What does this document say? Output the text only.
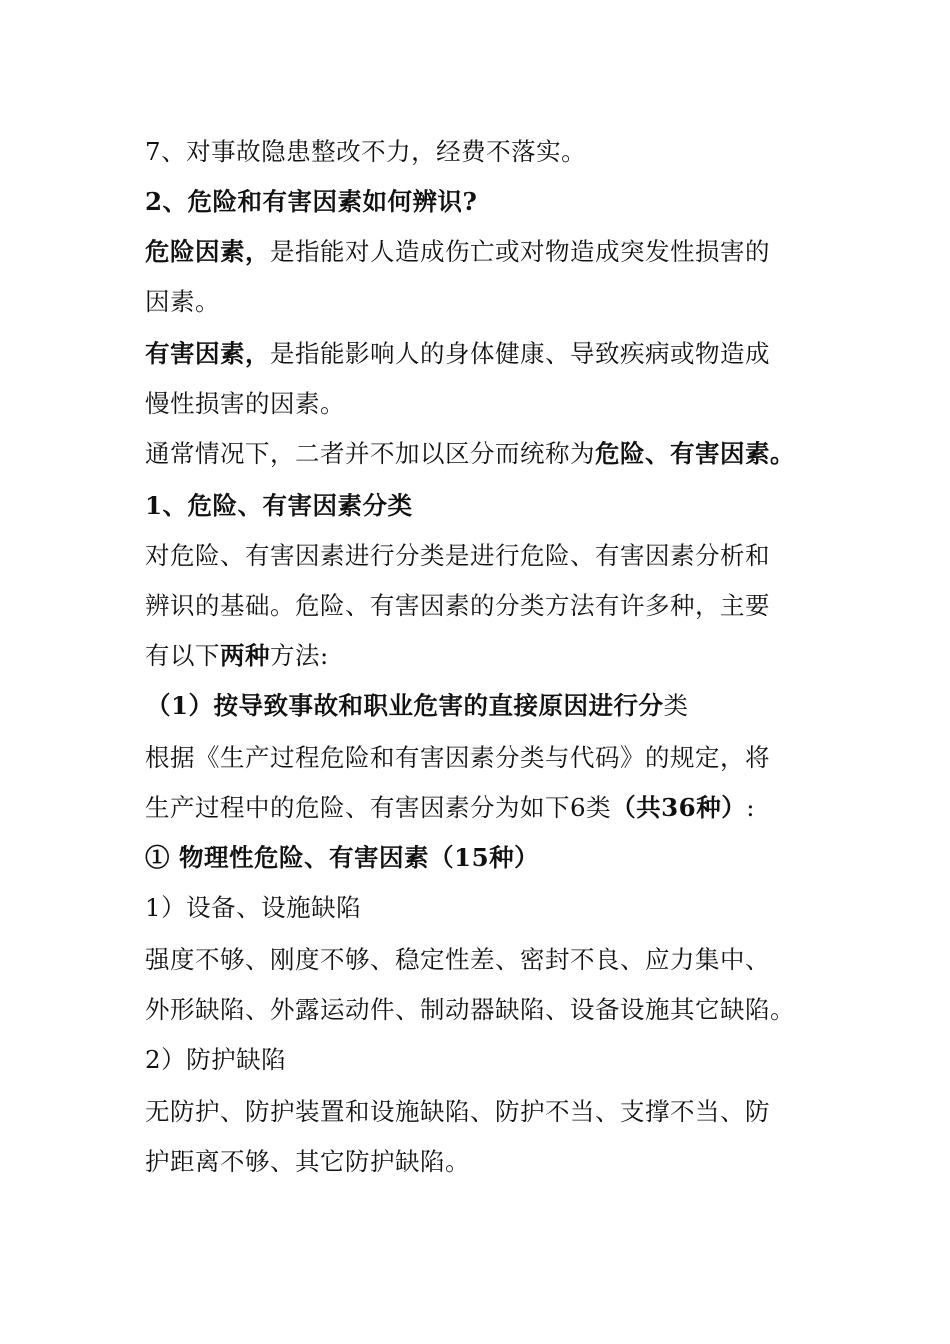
7、对事故隐患整改不力，经费不落实。

2、危险和有害因素如何辨识?

危险因素，是指能对人造成伤亡或对物造成突发性损害的

因素。

有害因素，是指能影响人的身体健康、导致疾病或物造成

慢性损害的因素。

通常情况下，二者并不加以区分而统称为危险、有害因素。

1、危险、有害因素分类

对危险、有害因素进行分类是进行危险、有害因素分析和

辨识的基础。危险、有害因素的分类方法有许多种，主要

有以下两种方法:

（1）按导致事故和职业危害的直接原因进行分类

根据《生产过程危险和有害因素分类与代码》的规定，将

生产过程中的危险、有害因素分为如下6类（共36种）:

① 物理性危险、有害因素（15种）

1）设备、设施缺陷

强度不够、刚度不够、稳定性差、密封不良、应力集中、

外形缺陷、外露运动件、制动器缺陷、设备设施其它缺陷。

2）防护缺陷

无防护、防护装置和设施缺陷、防护不当、支撑不当、防

护距离不够、其它防护缺陷。
